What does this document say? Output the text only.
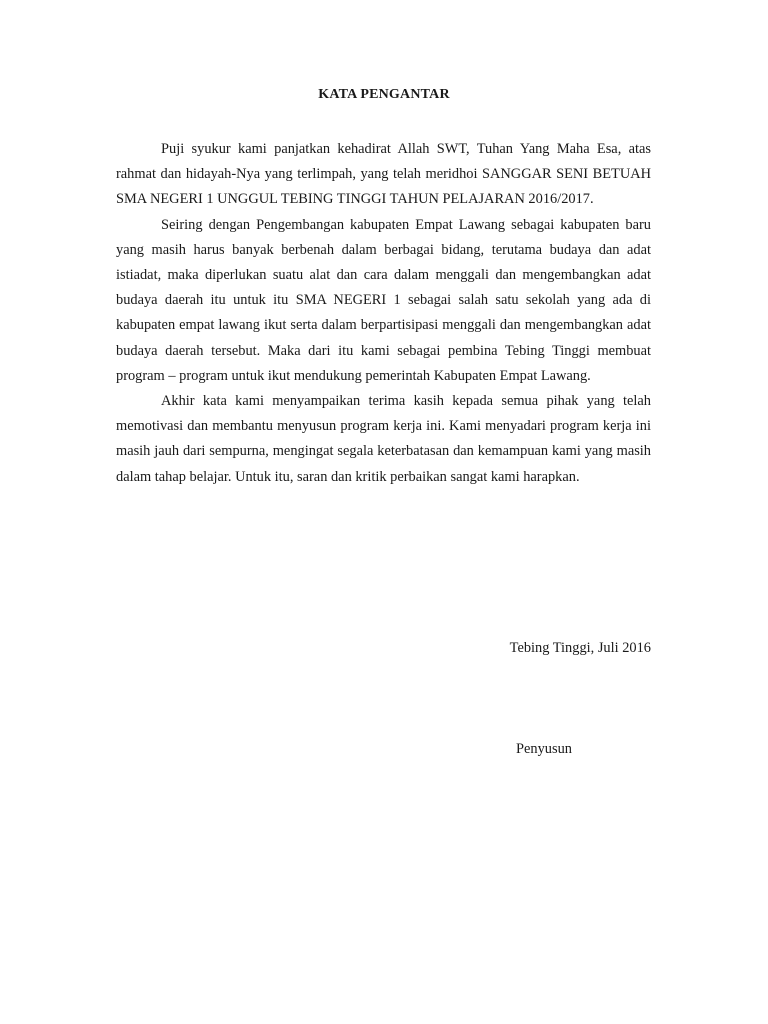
KATA PENGANTAR

Puji syukur kami panjatkan kehadirat Allah SWT, Tuhan Yang Maha Esa, atas rahmat dan hidayah-Nya yang terlimpah, yang telah meridhoi SANGGAR SENI BETUAH SMA NEGERI 1 UNGGUL TEBING TINGGI TAHUN PELAJARAN 2016/2017.

Seiring dengan Pengembangan kabupaten Empat Lawang sebagai kabupaten baru yang masih harus banyak berbenah dalam berbagai bidang, terutama budaya dan adat istiadat, maka diperlukan suatu alat dan cara dalam menggali dan mengembangkan adat budaya daerah itu untuk itu SMA NEGERI 1 sebagai salah satu sekolah yang ada di kabupaten empat lawang ikut serta dalam berpartisipasi menggali dan mengembangkan adat budaya daerah tersebut. Maka dari itu kami sebagai pembina Tebing Tinggi membuat program – program untuk ikut mendukung pemerintah Kabupaten Empat Lawang.

Akhir kata kami menyampaikan terima kasih kepada semua pihak yang telah memotivasi dan membantu menyusun program kerja ini. Kami menyadari program kerja ini masih jauh dari sempurna, mengingat segala keterbatasan dan kemampuan kami yang masih dalam tahap belajar. Untuk itu, saran dan kritik perbaikan sangat kami harapkan.

Tebing Tinggi, Juli 2016
Penyusun
